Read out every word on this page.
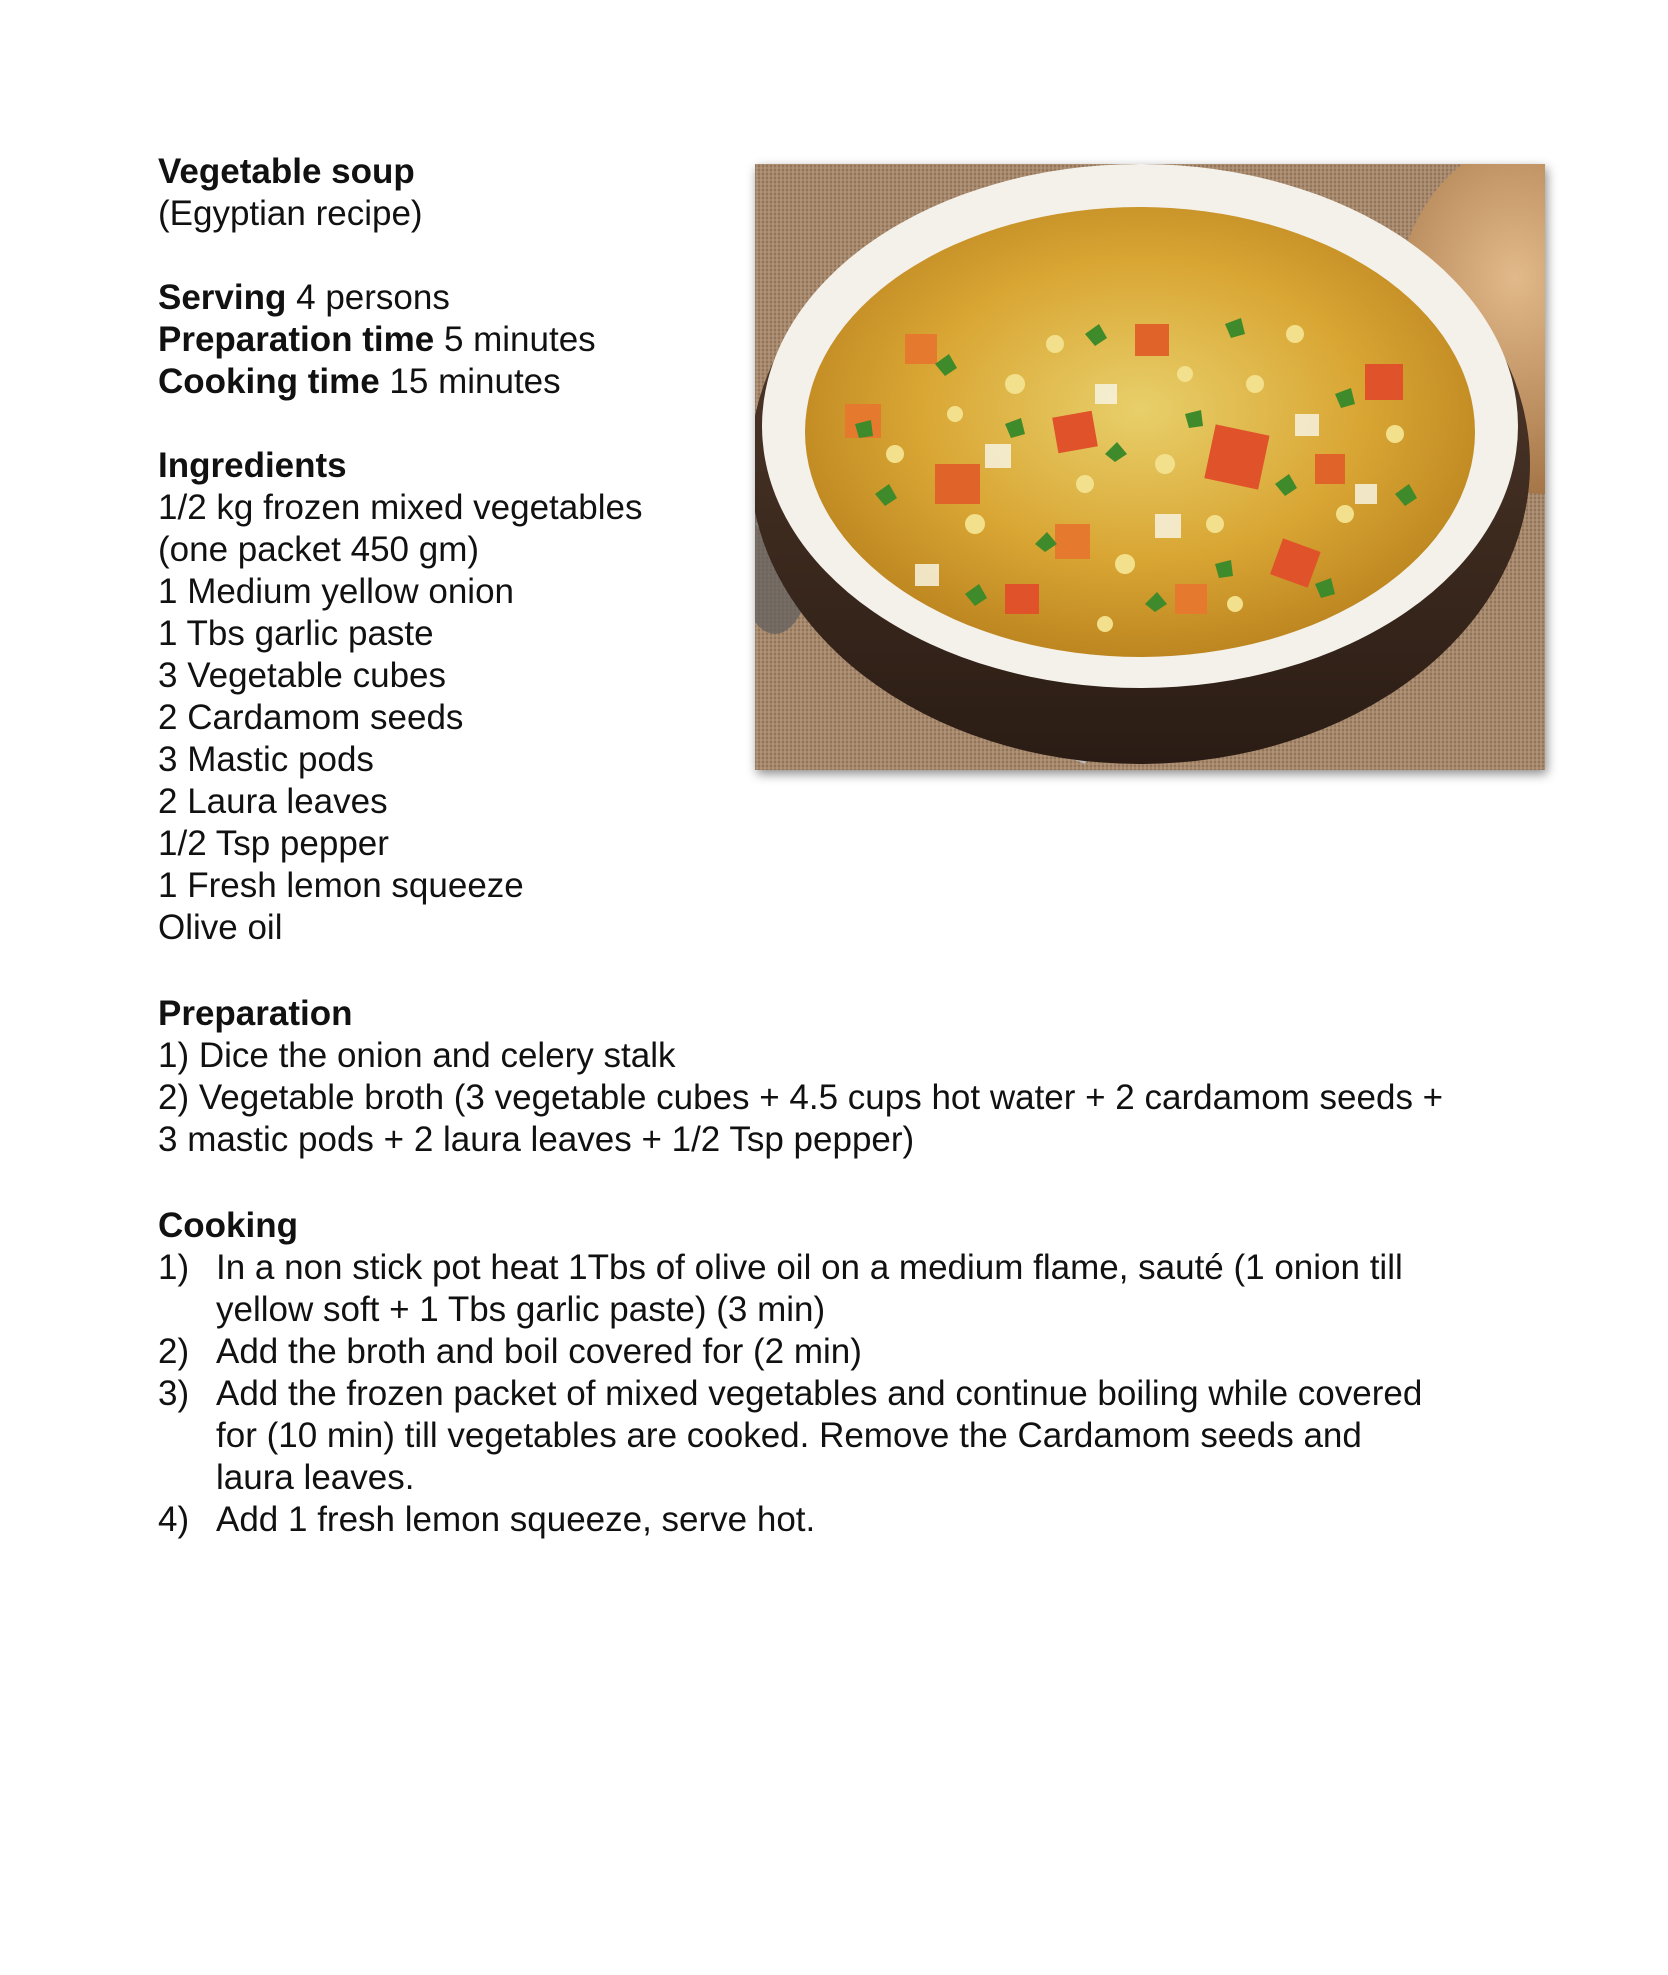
Vegetable soup
(Egyptian recipe)
Serving 4 persons
Preparation time 5 minutes
Cooking time 15 minutes
Ingredients
1/2 kg frozen mixed vegetables
(one packet 450 gm)
1 Medium yellow onion
1 Tbs garlic paste
3 Vegetable cubes
2 Cardamom seeds
3 Mastic pods
2 Laura leaves
1/2 Tsp pepper
1 Fresh lemon squeeze
Olive oil
Preparation
1) Dice the onion and celery stalk
2) Vegetable broth (3 vegetable cubes + 4.5 cups hot water + 2 cardamom seeds +
3 mastic pods + 2 laura leaves + 1/2 Tsp pepper)
Cooking
1) In a non stick pot heat 1Tbs of olive oil on a medium flame, sauté (1 onion till
yellow soft + 1 Tbs garlic paste) (3 min)
2) Add the broth and boil covered for (2 min)
3) Add the frozen packet of mixed vegetables and continue boiling while covered
for (10 min) till vegetables are cooked. Remove the Cardamom seeds and
laura leaves.
4) Add 1 fresh lemon squeeze, serve hot.
